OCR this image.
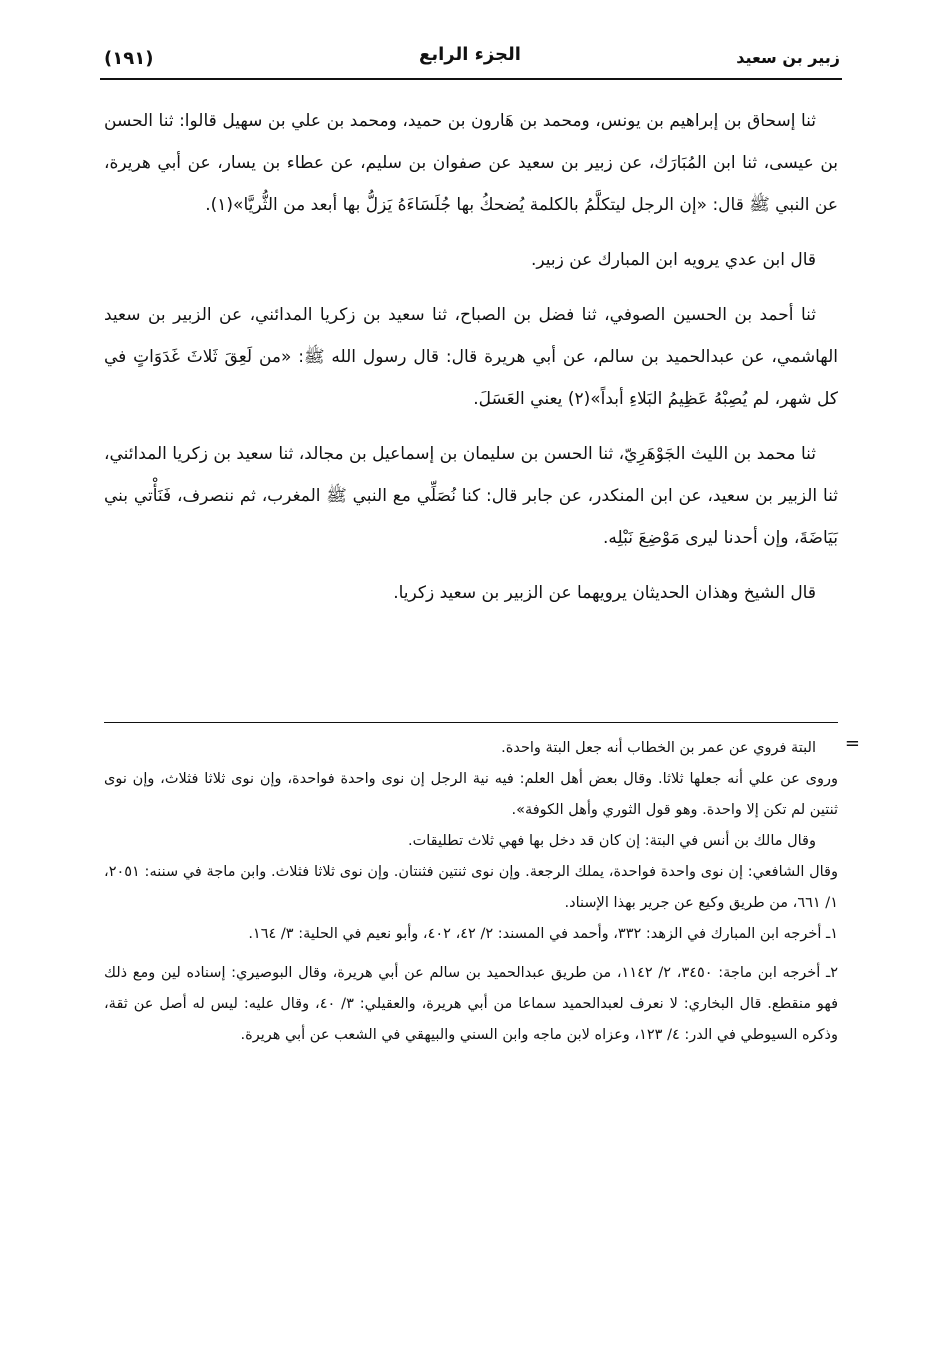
زبير بن سعيد
الجزء الرابع
(١٩١)

ثنا إسحاق بن إبراهيم بن يونس، ومحمد بن هَارون بن حميد، ومحمد بن علي بن سهيل قالوا: ثنا الحسن بن عيسى، ثنا ابن المُبَارَك، عن زبير بن سعيد عن صفوان بن سليم، عن عطاء بن يسار، عن أبي هريرة، عن النبي ﷺ قال: «إن الرجل ليتكلَّمُ بالكلمة يُضحكُ بها جُلَسَاءَهُ يَزلُّ بها أبعد من الثُّريَّا»(١).

قال ابن عدي يرويه ابن المبارك عن زبير.

ثنا أحمد بن الحسين الصوفي، ثنا فضل بن الصباح، ثنا سعيد بن زكريا المدائني، عن الزبير بن سعيد الهاشمي، عن عبدالحميد بن سالم، عن أبي هريرة قال: قال رسول الله ﷺ: «من لَعِقَ ثَلاثَ غَدَوَاتٍ في كل شهر، لم يُصِبْهُ عَظِيمُ البَلاءِ أبداً»(٢) يعني العَسَلَ.

ثنا محمد بن الليث الجَوْهَرِيّ، ثنا الحسن بن سليمان بن إسماعيل بن مجالد، ثنا سعيد بن زكريا المدائني، ثنا الزبير بن سعيد، عن ابن المنكدر، عن جابر قال: كنا نُصَلِّي مع النبي ﷺ المغرب، ثم ننصرف، فَنَأْتي بني بَيَاضَةَ، وإن أحدنا ليرى مَوْضِعَ نَبْلِه.

قال الشيخ وهذان الحديثان يرويهما عن الزبير بن سعيد زكريا.

=

البتة فروي عن عمر بن الخطاب أنه جعل البتة واحدة.

وروى عن علي أنه جعلها ثلاثا. وقال بعض أهل العلم: فيه نية الرجل إن نوى واحدة فواحدة، وإن نوى ثلاثا فثلاث، وإن نوى ثنتين لم تكن إلا واحدة. وهو قول الثوري وأهل الكوفة».

وقال مالك بن أنس في البتة: إن كان قد دخل بها فهي ثلاث تطليقات.

وقال الشافعي: إن نوى واحدة فواحدة، يملك الرجعة. وإن نوى ثنتين فثنتان. وإن نوى ثلاثا فثلاث. وابن ماجة في سننه: ٢٠٥١، ١/ ٦٦١، من طريق وكيع عن جرير بهذا الإسناد.

١ـ أخرجه ابن المبارك في الزهد: ٣٣٢، وأحمد في المسند: ٢/ ٤٢، ٤٠٢، وأبو نعيم في الحلية: ٣/ ١٦٤.

٢ـ أخرجه ابن ماجة: ٣٤٥٠، ٢/ ١١٤٢، من طريق عبدالحميد بن سالم عن أبي هريرة، وقال البوصيري: إسناده لين ومع ذلك فهو منقطع. قال البخاري: لا نعرف لعبدالحميد سماعا من أبي هريرة، والعقيلي: ٣/ ٤٠، وقال عليه: ليس له أصل عن ثقة، وذكره السيوطي في الدر: ٤/ ١٢٣، وعزاه لابن ماجه وابن السني والبيهقي في الشعب عن أبي هريرة.
